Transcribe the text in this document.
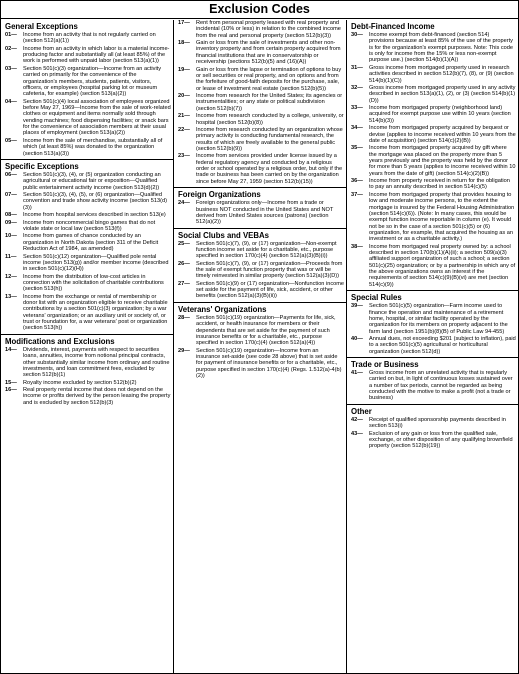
Exclusion Codes
General Exceptions
01—	Income from an activity that is not regularly carried on (section 512(a)(1))
02—	Income from an activity in which labor is a material income-producing factor and substantially all (at least 85%) of the work is performed with unpaid labor (section 513(a)(1))
03—	Section 501(c)(3) organization—Income from an activity carried on primarily for the convenience of the organization's members, students, patients, visitors, officers, or employees (hospital parking lot or museum cafeteria, for example) (section 513(a)(2))
04—	Section 501(c)(4) local association of employees organized before May 27, 1969—Income from the sale of work-related clothes or equipment and items normally sold through vending machines; food dispensing facilities; or snack bars for the convenience of association members at their usual places of employment (section 513(a)(2))
05—	Income from the sale of merchandise, substantially all of which (at least 85%) was donated to the organization (section 513(a)(3))
Specific Exceptions
06—	Section 501(c)(3), (4), or (5) organization conducting an agricultural or educational fair or exposition—Qualified public entertainment activity income (section 513(d)(2))
07—	Section 501(c)(3), (4), (5), or (6) organization—Qualified convention and trade show activity income (section 513(d)(3))
08—	Income from hospital services described in section 513(e)
09—	Income from noncommercial bingo games that do not violate state or local law (section 513(f))
10—	Income from games of chance conducted by an organization in North Dakota (section 311 of the Deficit Reduction Act of 1984, as amended)
11—	Section 501(c)(12) organization—Qualified pole rental income (section 513(g)) and/or member income (described in section 501(c)(12)(H))
12—	Income from the distribution of low-cost articles in connection with the solicitation of charitable contributions (section 513(h))
13—	Income from the exchange or rental of membership or donor list with an organization eligible to receive charitable contributions by a section 501(c)(3) organization; by a war veterans' organization; or an auxiliary unit or society of, or trust or foundation for, a war veterans' post or organization (section 513(h))
Modifications and Exclusions
14—	Dividends, interest, payments with respect to securities loans, annuities, income from notional principal contracts, other substantially similar income from ordinary and routine investments, and loan commitment fees, excluded by section 512(b)(1)
15—	Royalty income excluded by section 512(b)(2)
16—	Real property rental income that does not depend on the income or profits derived by the person leasing the property and is excluded by section 512(b)(3)
17—	Rent from personal property leased with real property and incidental (10% or less) in relation to the combined income from the real and personal property (section 512(b)(3))
18—	Gain or loss from the sale of investments and other non-inventory property and from certain property acquired from financial institutions that are in conservatorship or receivership (sections 512(b)(5) and (16)(A))
19—	Gain or loss from the lapse or termination of options to buy or sell securities or real property, and on options and from the forfeiture of good-faith deposits for the purchase, sale, or lease of investment real estate (section 512(b)(5))
20—	Income from research for the United States; its agencies or instrumentalities; or any state or political subdivision (section 512(b)(7))
21—	Income from research conducted by a college, university, or hospital (section 512(b)(8))
22—	Income from research conducted by an organization whose primary activity is conducting fundamental research, the results of which are freely available to the general public (section 512(b)(9))
23—	Income from services provided under license issued by a federal regulatory agency and conducted by a religious order or school operated by a religious order, but only if the trade or business has been carried on by the organization since before May 27, 1959 (section 512(b)(15))
Foreign Organizations
24—	Foreign organizations only—Income from a trade or business NOT conducted in the United States and NOT derived from United States sources (patrons) (section 512(a)(2))
Social Clubs and VEBAs
25—	Section 501(c)(7), (9), or (17) organization—Non-exempt function income set aside for a charitable, etc., purpose specified in section 170(c)(4) (section 512(a)(3)(B)(i))
26—	Section 501(c)(7), (9), or (17) organization—Proceeds from the sale of exempt function property that was or will be timely reinvested in similar property (section 512(a)(3)(D))
27—	Section 501(c)(9) or (17) organization—Nonfunction income set aside for the payment of life, sick, accident, or other benefits (section 512(a)(3)(B)(ii))
Veterans' Organizations
28—	Section 501(c)(19) organization—Payments for life, sick, accident, or health insurance for members or their dependents that are set aside for the payment of such insurance benefits or for a charitable, etc., purpose specified in section 170(c)(4) (section 512(a)(4))
29—	Section 501(c)(19) organization—Income from an insurance set-aside (see code 28 above) that is set aside for payment of insurance benefits or for a charitable, etc., purpose specified in section 170(c)(4) (Regs. 1.512(a)-4(b)(2))
Debt-Financed Income
30—	Income exempt from debt-financed (section 514) provisions because at least 85% of the use of the property is for the organization's exempt purposes. Note: This code is only for income from the 15% or less non-exempt purpose use.) (section 514(b)(1)(A))
31—	Gross income from mortgaged property used in research activities described in section 512(b)(7), (8), or (9) (section 514(b)(1)(C))
32—	Gross income from mortgaged property used in any activity described in section 513(a)(1), (2), or (3) (section 514(b)(1)(D))
33—	Income from mortgaged property (neighborhood land) acquired for exempt purpose use within 10 years (section 514(b)(3))
34—	Income from mortgaged property acquired by bequest or devise (applies to income received within 10 years from the date of acquisition) (section 514(c)(2)(B))
35—	Income from mortgaged property acquired by gift where the mortgage was placed on the property more than 5 years previously and the property was held by the donor for more than 5 years (applies to income received within 10 years from the date of gift) (section 514(c)(2)(B))
36—	Income from property received in return for the obligation to pay an annuity described in section 514(c)(5)
37—	Income from mortgaged property that provides housing to low and moderate income persons, to the extent the mortgage is insured by the Federal Housing Administration (section 514(c)(6)). (Note: In many cases, this would be exempt function income reportable in column (e). It would not be so in the case of a section 501(c)(5) or (6) organization, for example, that acquired the housing as an investment or as a charitable activity.)
38—	Income from mortgaged real property owned by: a school described in section 170(b)(1)(A)(ii); a section 509(a)(3) affiliated support organization of such a school; a section 501(c)(25) organization; or by a partnership in which any of the above organizations owns an interest if the requirements of section 514(c)(9)(B)(vi) are met (section 514(c)(9))
Special Rules
39—	Section 501(c)(5) organization—Farm income used to finance the operation and maintenance of a retirement home, hospital, or similar facility operated by the organization for its members on property adjacent to the farm land (section 1951(b)(8)(B) of Public Law 94-455)
40—	Annual dues, not exceeding $201 (subject to inflation), paid to a section 501(c)(5) agricultural or horticultural organization (section 512(d))
Trade or Business
41—	Gross income from an unrelated activity that is regularly carried on but, in light of continuous losses sustained over a number of tax periods, cannot be regarded as being conducted with the motive to make a profit (not a trade or business)
Other
42—	Receipt of qualified sponsorship payments described in section 513(i)
43—	Exclusion of any gain or loss from the qualified sale, exchange, or other disposition of any qualifying brownfield property (section 512(b)(19))
